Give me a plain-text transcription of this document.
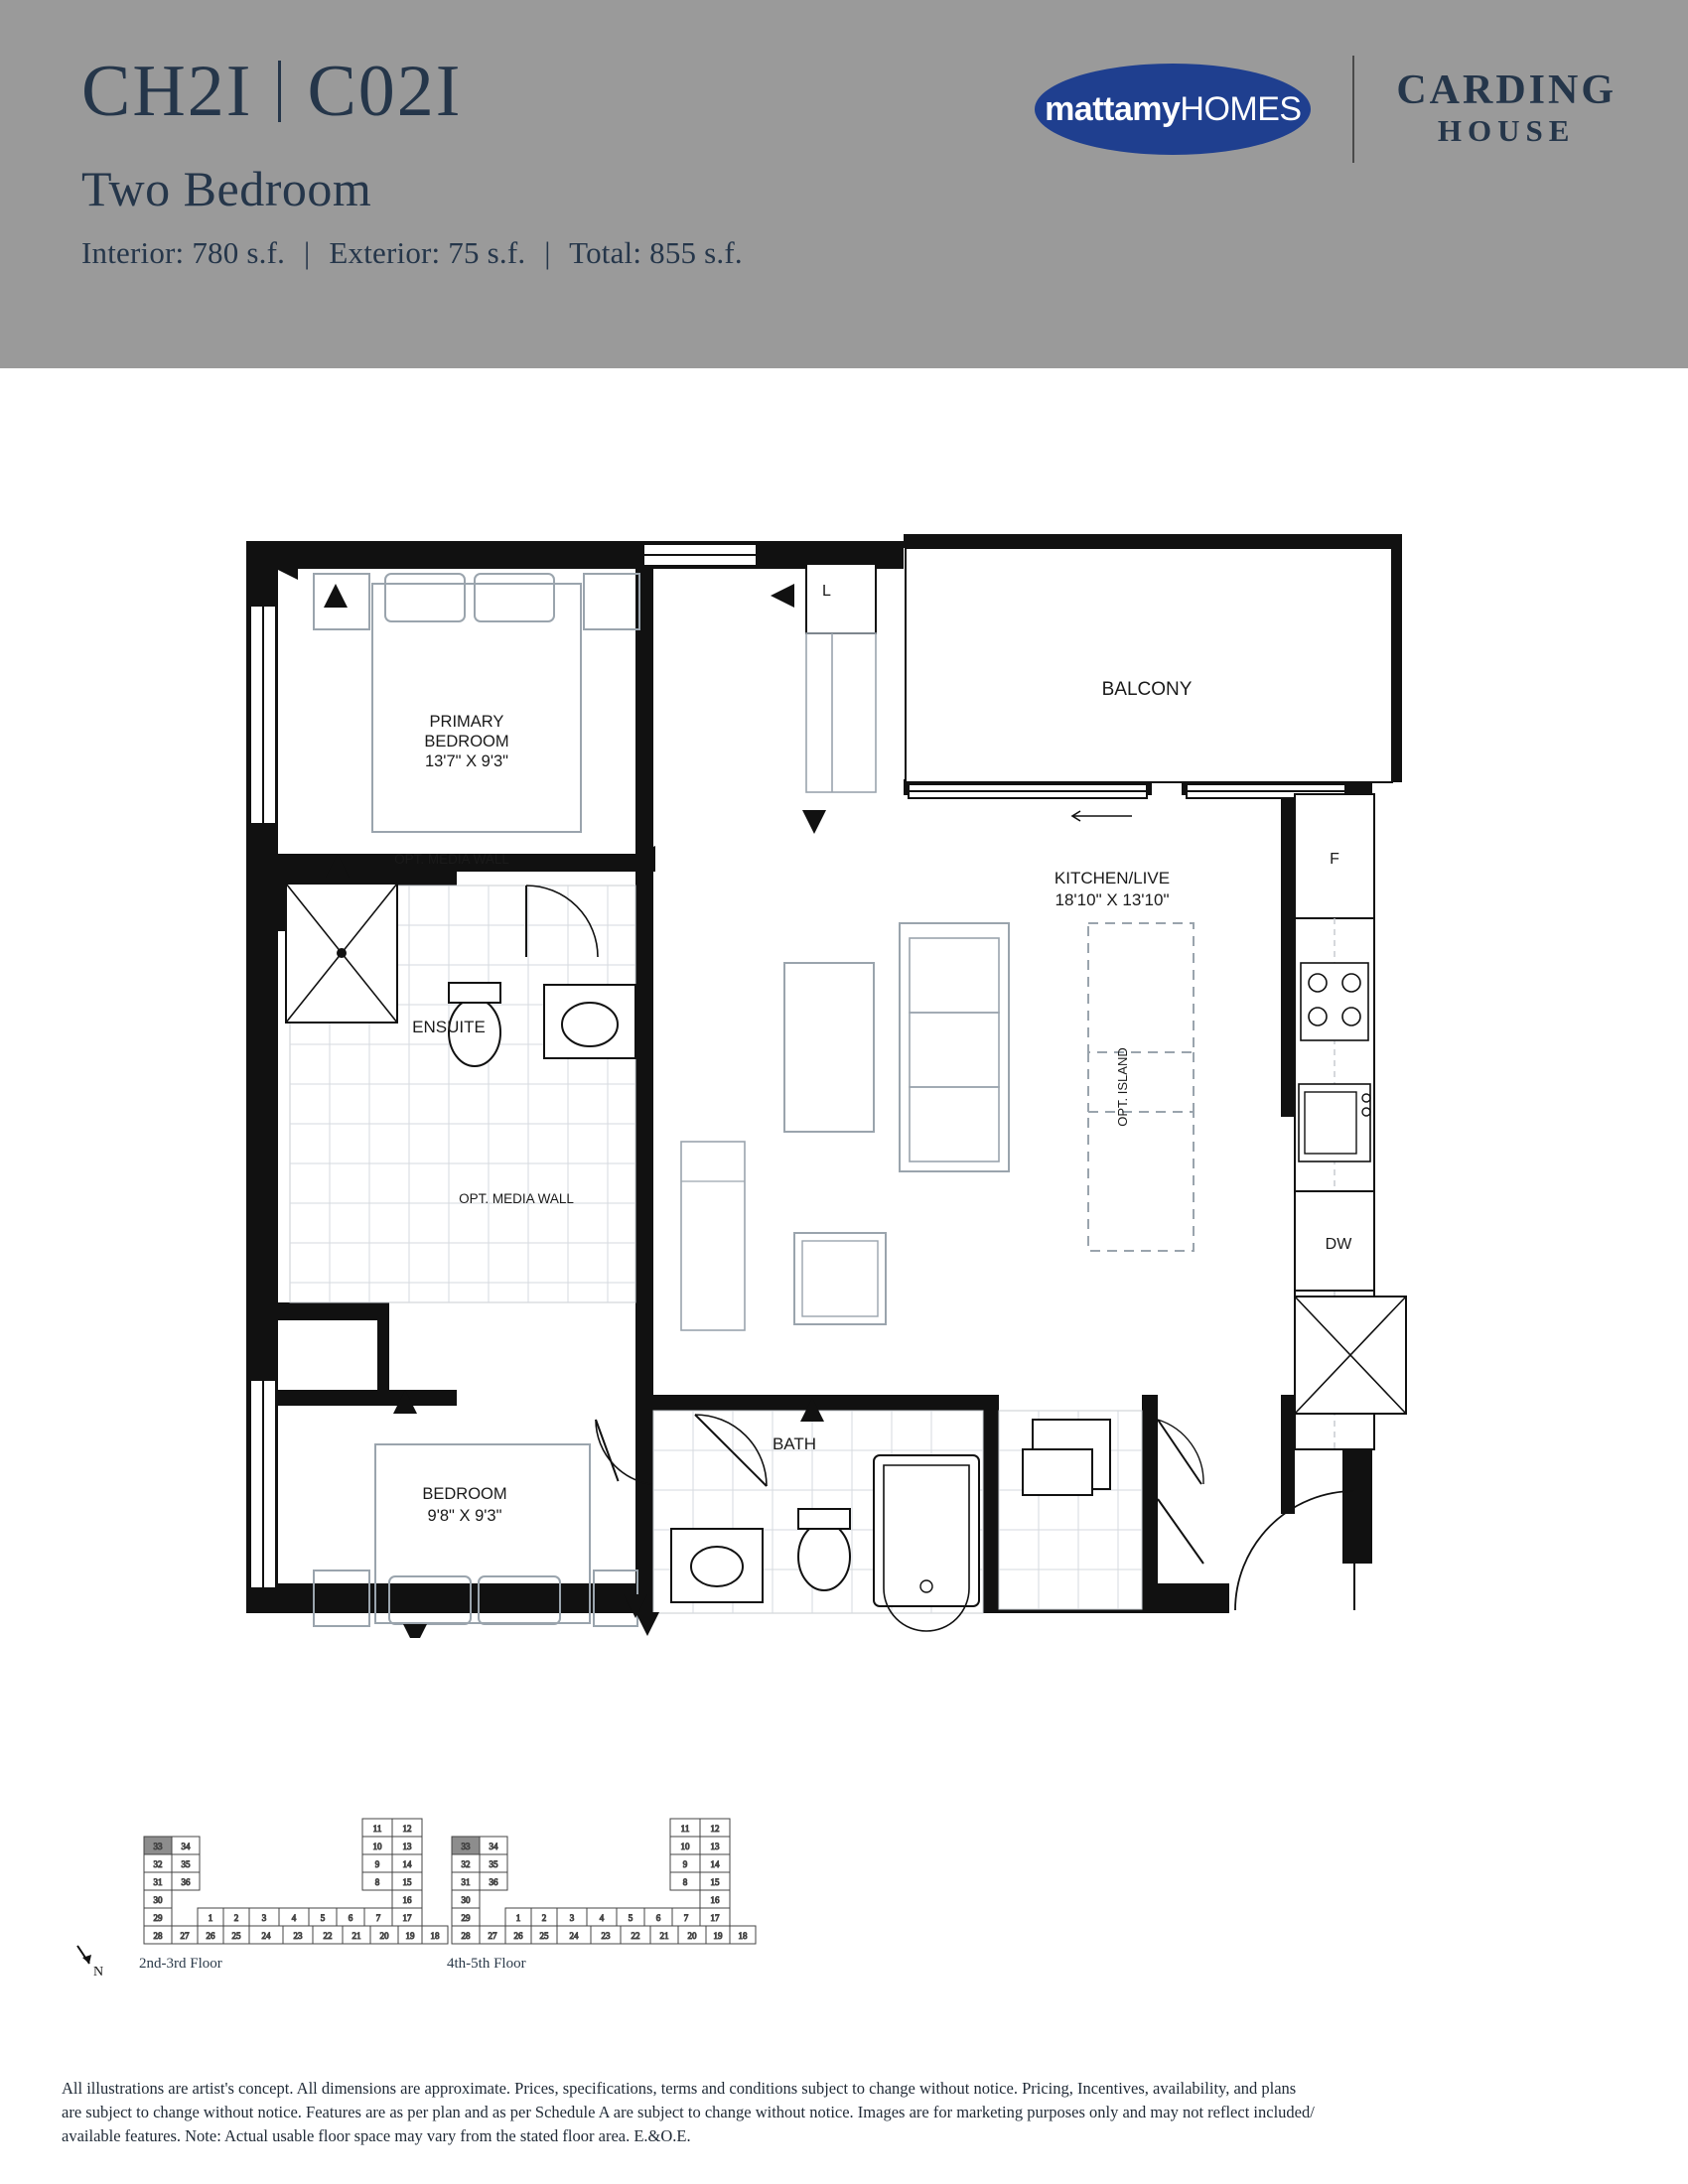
CH2I C02I
Two Bedroom
Interior: 780 s.f. | Exterior: 75 s.f. | Total: 855 s.f.
mattamyHOMES CARDING
HOUSE
BALCONY
PRIMARY
BEDROOM
13'7" X 9'3"
L
ENSUITE
KITCHEN/LIVE
18'10" X 13'10"
OPT. ISLAND
F
DW
BEDROOM
9'8" X 9'3"
BATH
OPT. MEDIA WALL
OPT. MEDIA WALL
33 34
32 35
31 36
30
29
28 27 26 25 24	23 22 21 20 19 18
1 2	3	4	5	6	7 17
16
15
14
13
12
11
10
9
8
2nd-3rd Floor
33 34
32 35
31 36
30
29
28 27 26 25 24	23 22 21 20 19 18
1 2	3	4	5	6	7 17
16
15
14
13
12
11
10
9
8
4th-5th Floor
N
All illustrations are artist's concept. All dimensions are approximate. Prices, specifications, terms and conditions subject to change without notice. Pricing, Incentives, availability, and plans
are subject to change without notice. Features are as per plan and as per Schedule A are subject to change without notice. Images are for marketing purposes only and may not reflect included/
available features. Note: Actual usable floor space may vary from the stated floor area. E.&O.E.
